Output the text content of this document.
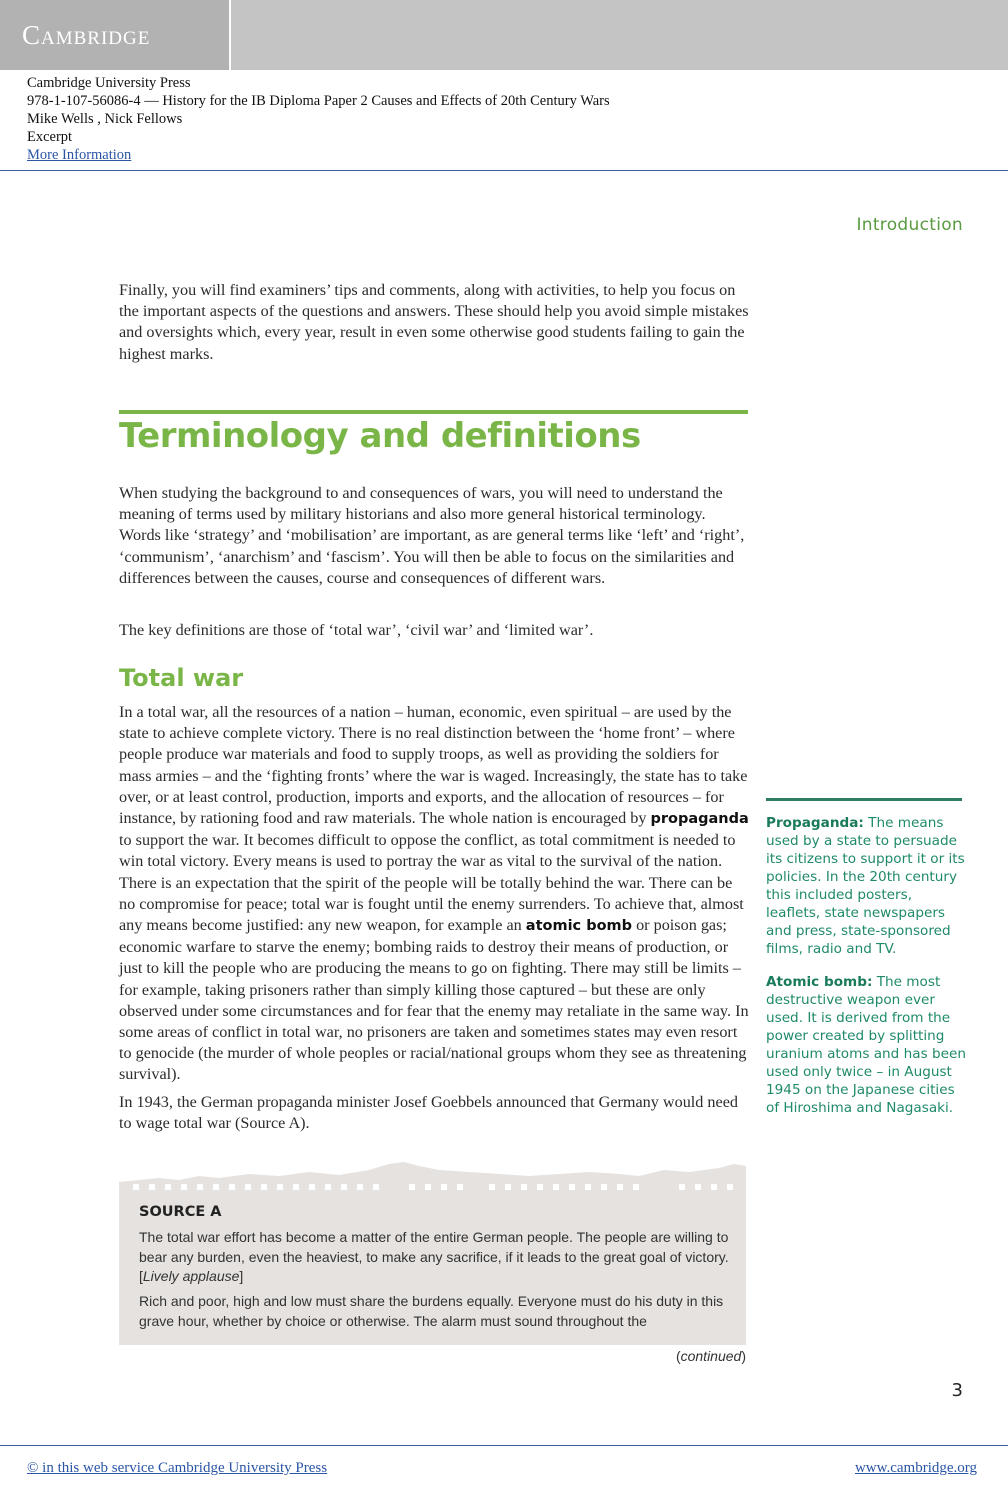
Cambridge
Cambridge University Press
978-1-107-56086-4 — History for the IB Diploma Paper 2 Causes and Effects of 20th Century Wars
Mike Wells , Nick Fellows
Excerpt
More Information
Introduction

Finally, you will find examiners’ tips and comments, along with activities, to help you focus on the important aspects of the questions and answers. These should help you avoid simple mistakes and oversights which, every year, result in even some otherwise good students failing to gain the highest marks.

Terminology and definitions

When studying the background to and consequences of wars, you will need to understand the meaning of terms used by military historians and also more general historical terminology. Words like ‘strategy’ and ‘mobilisation’ are important, as are general terms like ‘left’ and ‘right’, ‘communism’, ‘anarchism’ and ‘fascism’. You will then be able to focus on the similarities and differences between the causes, course and consequences of different wars.

The key definitions are those of ‘total war’, ‘civil war’ and ‘limited war’.

Total war

In a total war, all the resources of a nation – human, economic, even spiritual – are used by the state to achieve complete victory. There is no real distinction between the ‘home front’ – where people produce war materials and food to supply troops, as well as providing the soldiers for mass armies – and the ‘fighting fronts’ where the war is waged. Increasingly, the state has to take over, or at least control, production, imports and exports, and the allocation of resources – for instance, by rationing food and raw materials. The whole nation is encouraged by propaganda to support the war. It becomes difficult to oppose the conflict, as total commitment is needed to win total victory. Every means is used to portray the war as vital to the survival of the nation. There is an expectation that the spirit of the people will be totally behind the war. There can be no compromise for peace; total war is fought until the enemy surrenders. To achieve that, almost any means become justified: any new weapon, for example an atomic bomb or poison gas; economic warfare to starve the enemy; bombing raids to destroy their means of production, or just to kill the people who are producing the means to go on fighting. There may still be limits – for example, taking prisoners rather than simply killing those captured – but these are only observed under some circumstances and for fear that the enemy may retaliate in the same way. In some areas of conflict in total war, no prisoners are taken and sometimes states may even resort to genocide (the murder of whole peoples or racial/national groups whom they see as threatening survival).

In 1943, the German propaganda minister Josef Goebbels announced that Germany would need to wage total war (Source A).

Propaganda: The means used by a state to persuade its citizens to support it or its policies. In the 20th century this included posters, leaflets, state newspapers and press, state-sponsored films, radio and TV.
Atomic bomb: The most destructive weapon ever used. It is derived from the power created by splitting uranium atoms and has been used only twice – in August 1945 on the Japanese cities of Hiroshima and Nagasaki.
SOURCE A
The total war effort has become a matter of the entire German people. The people are willing to bear any burden, even the heaviest, to make any sacrifice, if it leads to the great goal of victory. [Lively applause]
Rich and poor, high and low must share the burdens equally. Everyone must do his duty in this grave hour, whether by choice or otherwise. The alarm must sound throughout the
(continued)
3
© in this web service Cambridge University Press	www.cambridge.org
